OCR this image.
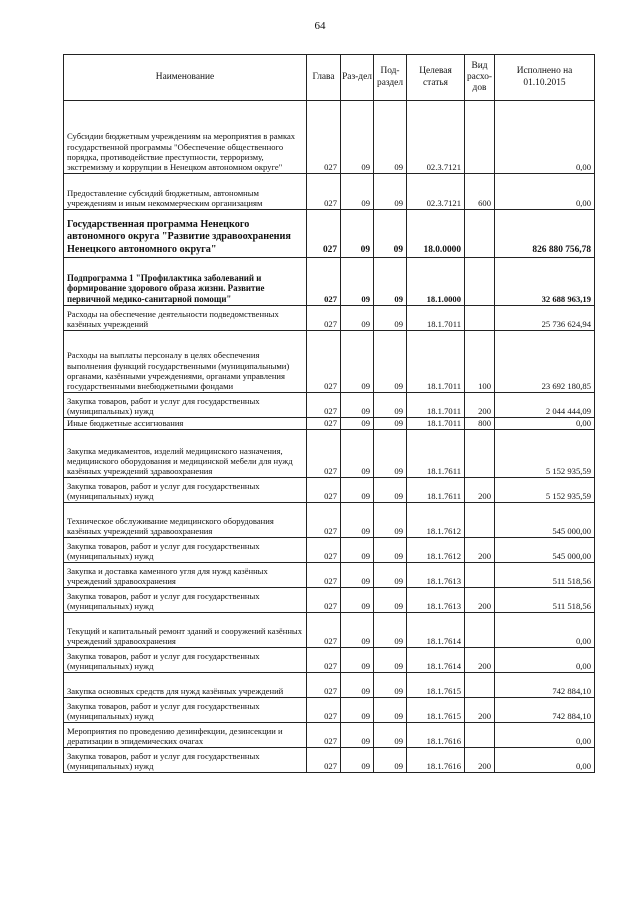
64
Наименование	Глава	Раз-дел	Под-раздел	Целевая статья	Вид расхо-дов	Исполнено на 01.10.2015
Субсидии бюджетным учреждениям на мероприятия в рамках государственной программы "Обеспечение общественного порядка, противодействие преступности, терроризму, экстремизму и коррупции в Ненецком автономном округе"	027	09	09	02.3.7121		0,00
Предоставление субсидий бюджетным, автономным учреждениям и иным некоммерческим организациям	027	09	09	02.3.7121	600	0,00
Государственная программа Ненецкого автономного округа "Развитие здравоохранения Ненецкого автономного округа"	027	09	09	18.0.0000		826 880 756,78
Подпрограмма 1 "Профилактика заболеваний и формирование здорового образа жизни. Развитие первичной медико-санитарной помощи"	027	09	09	18.1.0000		32 688 963,19
Расходы на обеспечение деятельности подведомственных казённых учреждений	027	09	09	18.1.7011		25 736 624,94
Расходы на выплаты персоналу в целях обеспечения выполнения функций государственными (муниципальными) органами, казёнными учреждениями, органами управления государственными внебюджетными фондами	027	09	09	18.1.7011	100	23 692 180,85
Закупка товаров, работ и услуг для государственных (муниципальных) нужд	027	09	09	18.1.7011	200	2 044 444,09
Иные бюджетные ассигнования	027	09	09	18.1.7011	800	0,00
Закупка медикаментов, изделий медицинского назначения, медицинского оборудования и медицинской мебели для нужд казённых учреждений здравоохранения	027	09	09	18.1.7611		5 152 935,59
Закупка товаров, работ и услуг для государственных (муниципальных) нужд	027	09	09	18.1.7611	200	5 152 935,59
Техническое обслуживание медицинского оборудования казённых учреждений здравоохранения	027	09	09	18.1.7612		545 000,00
Закупка товаров, работ и услуг для государственных (муниципальных) нужд	027	09	09	18.1.7612	200	545 000,00
Закупка и доставка каменного угля для нужд казённых учреждений здравоохранения	027	09	09	18.1.7613		511 518,56
Закупка товаров, работ и услуг для государственных (муниципальных) нужд	027	09	09	18.1.7613	200	511 518,56
Текущий и капитальный ремонт зданий и сооружений казённых учреждений здравоохранения	027	09	09	18.1.7614		0,00
Закупка товаров, работ и услуг для государственных (муниципальных) нужд	027	09	09	18.1.7614	200	0,00
Закупка основных средств для нужд казённых учреждений	027	09	09	18.1.7615		742 884,10
Закупка товаров, работ и услуг для государственных (муниципальных) нужд	027	09	09	18.1.7615	200	742 884,10
Мероприятия по проведению дезинфекции, дезинсекции и дератизации в эпидемических очагах	027	09	09	18.1.7616		0,00
Закупка товаров, работ и услуг для государственных (муниципальных) нужд	027	09	09	18.1.7616	200	0,00
